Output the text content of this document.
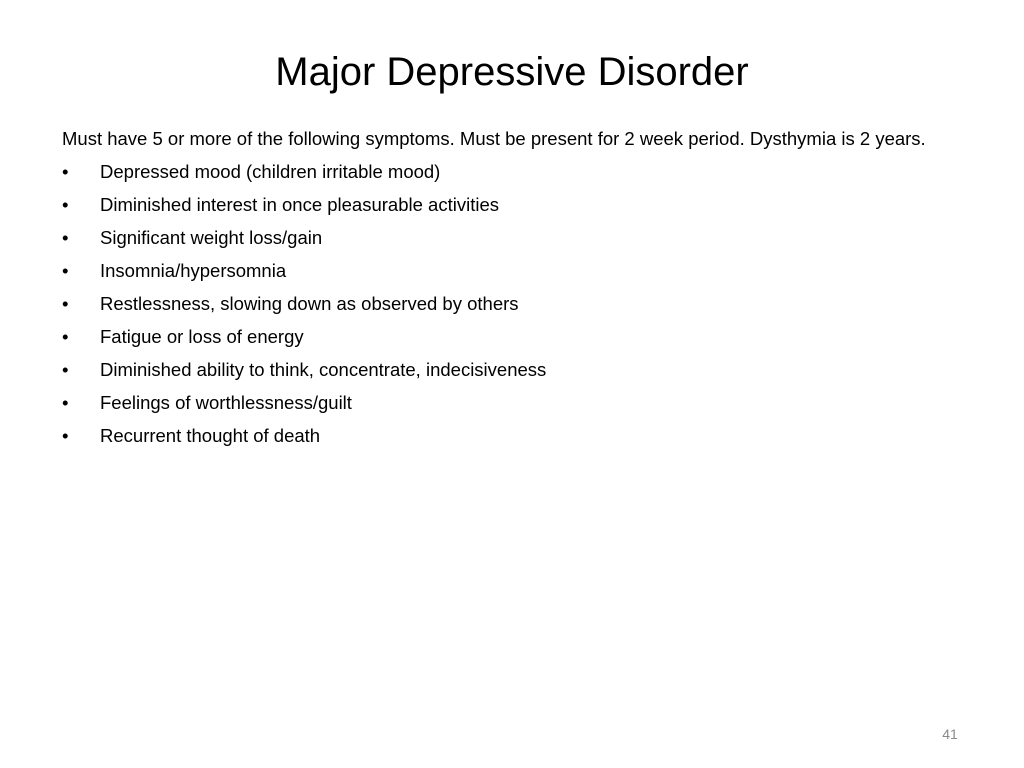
Major Depressive Disorder

Must have 5 or more of the following symptoms. Must be present for 2 week period. Dysthymia is 2 years.

•	Depressed mood (children irritable mood)
•	Diminished interest in once pleasurable activities
•	Significant weight loss/gain
•	Insomnia/hypersomnia
•	Restlessness, slowing down as observed by others
•	Fatigue or loss of energy
•	Diminished ability to think, concentrate, indecisiveness
•	Feelings of worthlessness/guilt
•	Recurrent thought of death
41
